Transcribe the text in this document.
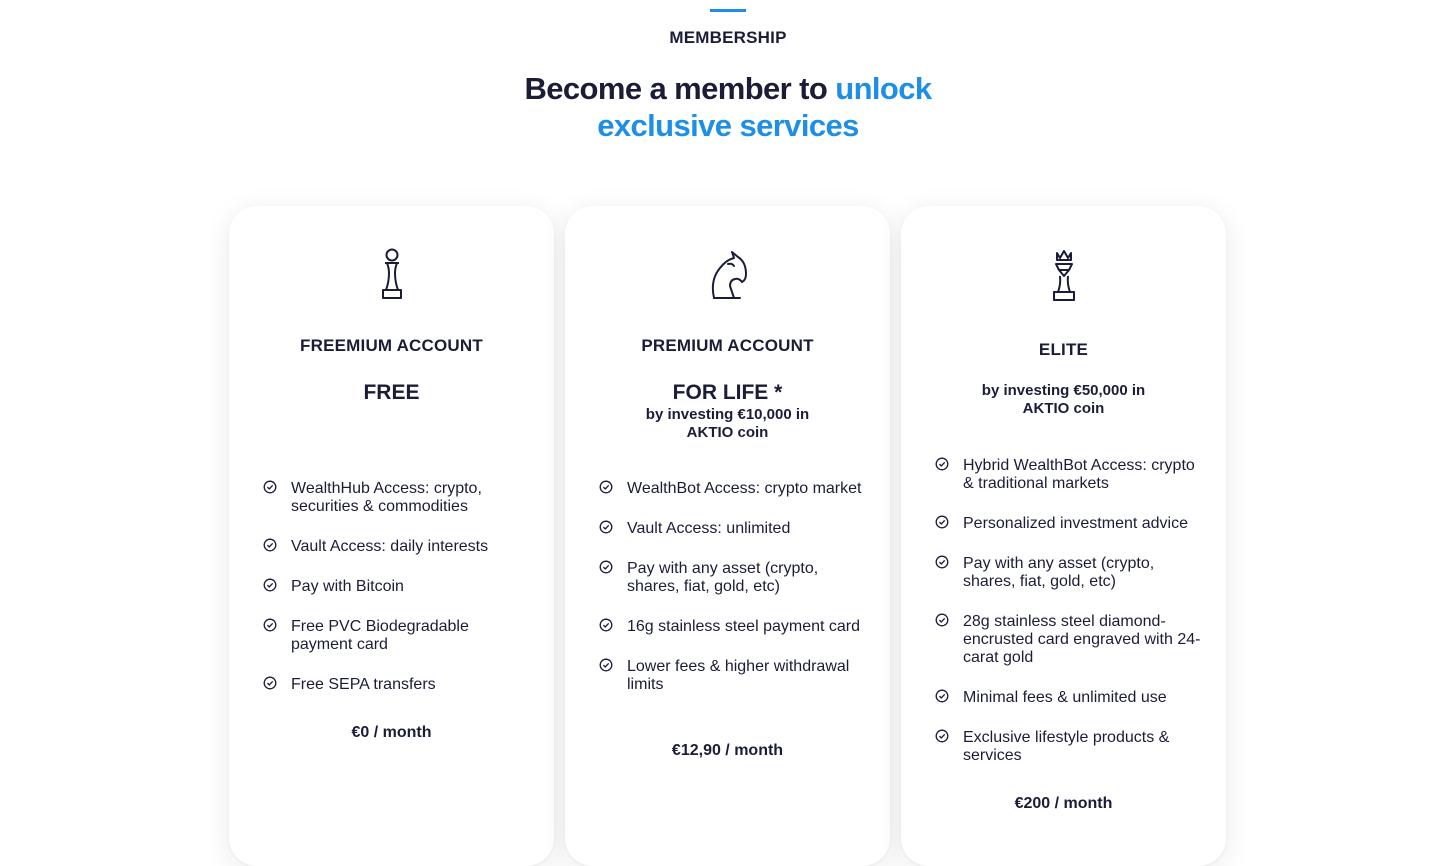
MEMBERSHIP
Become a member to unlock
exclusive services
FREEMIUM ACCOUNT
FREE
WealthHub Access: crypto, securities & commodities
Vault Access: daily interests
Pay with Bitcoin
Free PVC Biodegradable payment card
Free SEPA transfers
€0 / month
PREMIUM ACCOUNT
FOR LIFE *
by investing €10,000 in AKTIO coin
WealthBot Access: crypto market
Vault Access: unlimited
Pay with any asset (crypto, shares, fiat, gold, etc)
16g stainless steel payment card
Lower fees & higher withdrawal limits
€12,90 / month
ELITE
by investing €50,000 in AKTIO coin
Hybrid WealthBot Access: crypto & traditional markets
Personalized investment advice
Pay with any asset (crypto, shares, fiat, gold, etc)
28g stainless steel diamond-encrusted card engraved with 24-carat gold
Minimal fees & unlimited use
Exclusive lifestyle products & services
€200 / month
